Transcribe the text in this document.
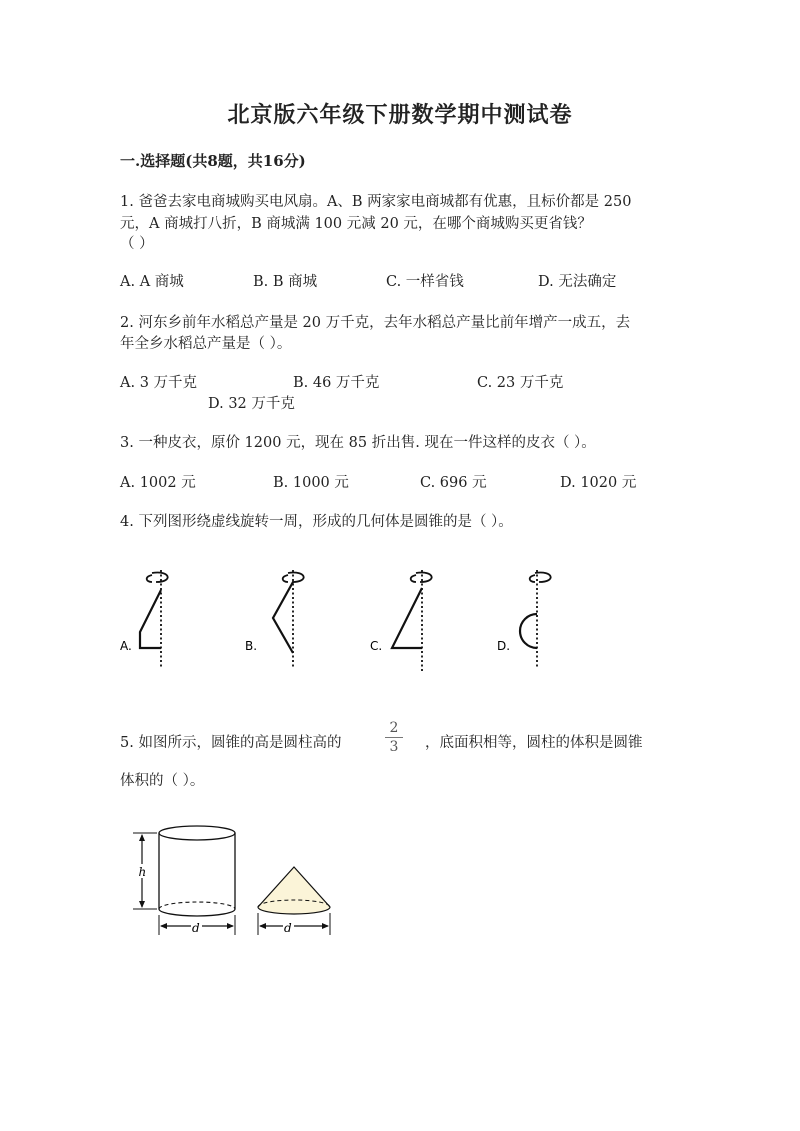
北京版六年级下册数学期中测试卷
一.选择题(共8题，共16分)
1. 爸爸去家电商城购买电风扇。A、B 两家家电商城都有优惠，且标价都是 250
元，A 商城打八折，B 商城满 100 元减 20 元，在哪个商城购买更省钱？
（ ）
A. A 商城	B. B 商城	C. 一样省钱	D. 无法确定
2. 河东乡前年水稻总产量是 20 万千克，去年水稻总产量比前年增产一成五，去
年全乡水稻总产量是（ ）。
A. 3 万千克	B. 46 万千克	C. 23 万千克
D. 32 万千克
3. 一种皮衣，原价 1200 元，现在 85 折出售. 现在一件这样的皮衣（ ）。
A. 1002 元	B. 1000 元	C. 696 元	D. 1020 元
4. 下列图形绕虚线旋转一周，形成的几何体是圆锥的是（ ）。
A.	B.	C.	D.
5. 如图所示，圆锥的高是圆柱高的
2
3	，底面积相等，圆柱的体积是圆锥
体积的（ ）。
h
d	d
